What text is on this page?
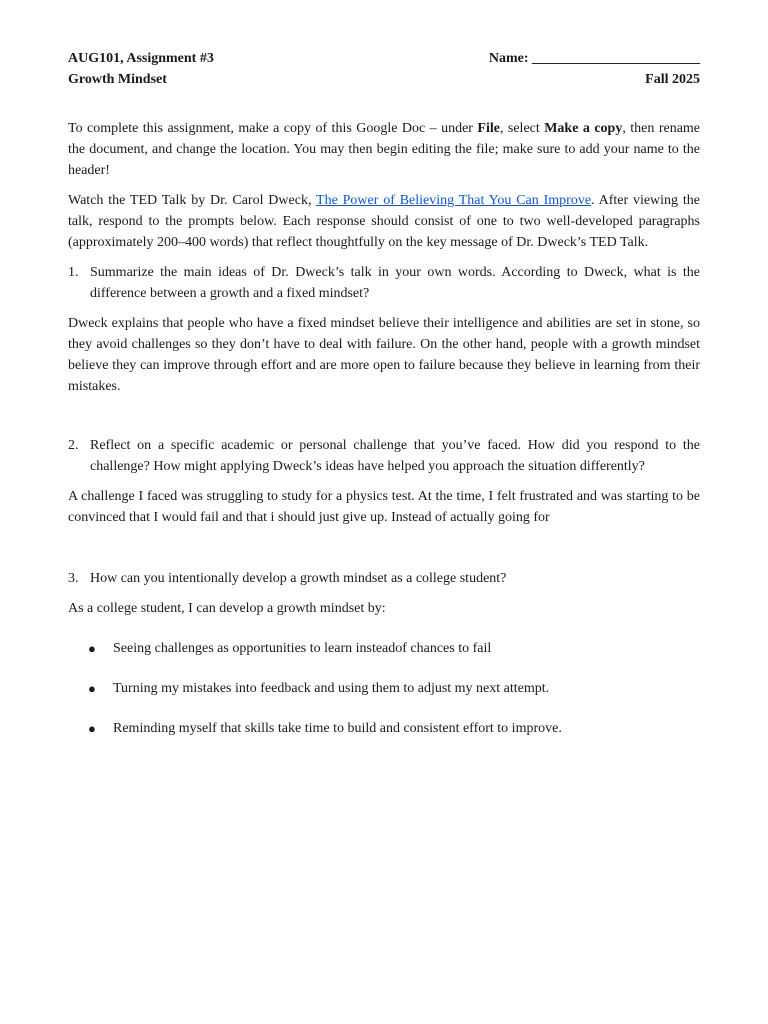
AUG101, Assignment #3	Name: ________________________
Growth Mindset	Fall 2025

To complete this assignment, make a copy of this Google Doc – under File, select Make a copy, then rename the document, and change the location. You may then begin editing the file; make sure to add your name to the header!

Watch the TED Talk by Dr. Carol Dweck, The Power of Believing That You Can Improve. After viewing the talk, respond to the prompts below. Each response should consist of one to two well-developed paragraphs (approximately 200–400 words) that reflect thoughtfully on the key message of Dr. Dweck’s TED Talk.

1. Summarize the main ideas of Dr. Dweck’s talk in your own words. According to Dweck, what is the difference between a growth and a fixed mindset?

Dweck explains that people who have a fixed mindset believe their intelligence and abilities are set in stone, so they avoid challenges so they don’t have to deal with failure. On the other hand, people with a growth mindset believe they can improve through effort and are more open to failure because they believe in learning from their mistakes.

2. Reflect on a specific academic or personal challenge that you’ve faced. How did you respond to the challenge? How might applying Dweck’s ideas have helped you approach the situation differently?

A challenge I faced was struggling to study for a physics test. At the time, I felt frustrated and was starting to be convinced that I would fail and that i should just give up. Instead of actually going for

3. How can you intentionally develop a growth mindset as a college student?

As a college student, I can develop a growth mindset by:

●	Seeing challenges as opportunities to learn insteadof chances to fail
●	Turning my mistakes into feedback and using them to adjust my next attempt.
●	Reminding myself that skills take time to build and consistent effort to improve.
